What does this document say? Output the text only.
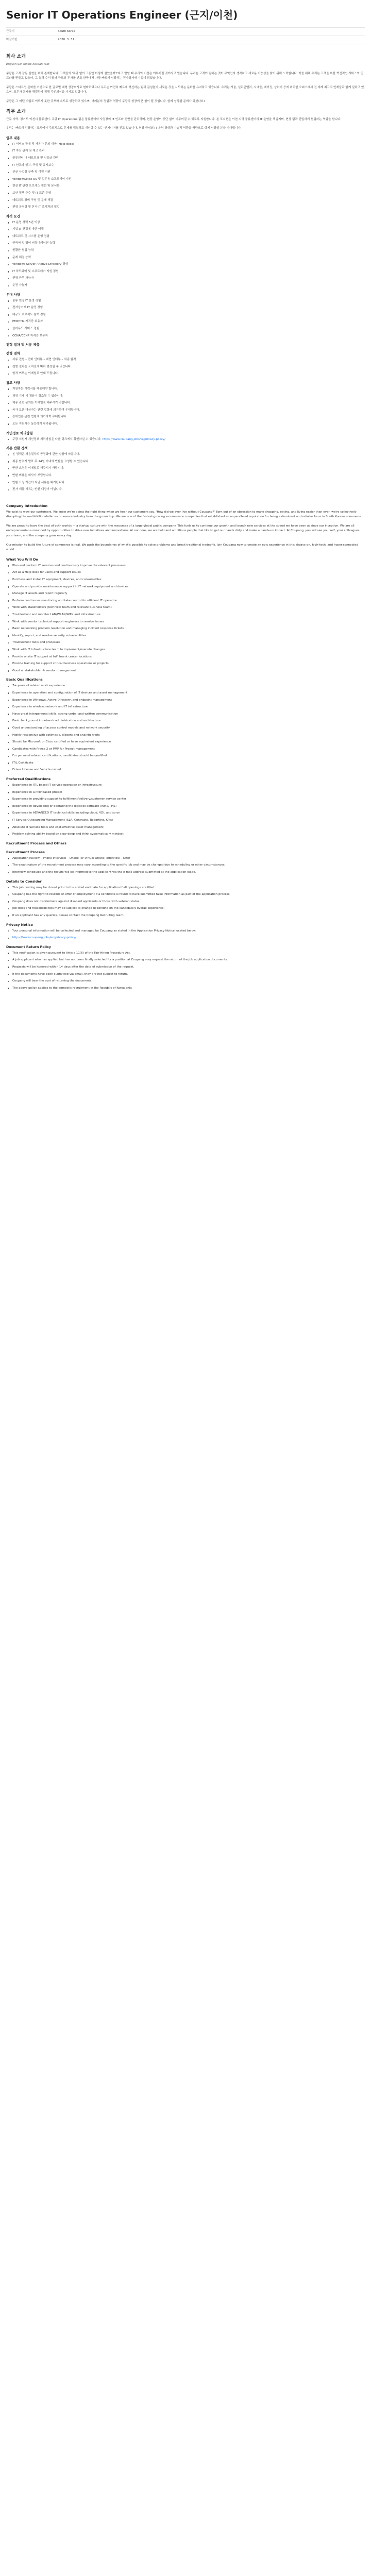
Senior IT Operations Engineer (근지/이천)
근무지	South Korea
마감기한	2020. 3. 31
회사 소개
English will follow Korean text

쿠팡은 고객 감동 실현을 위해 존재합니다. 고객들이 '쿠팡 없이 그동안 어떻게 살았을까?'라고 말할 때 우리의 미션은 이루어질 것이라고 믿습니다. 우리는 고객이 원하는 것이 무엇인지 생각하고 새로운 가능성을 찾기 위해 노력합니다. 이를 위해 우리는 고객을 위한 혁신적인 서비스와 인프라를 만들고 있으며, 그 결과 수억 달러 규모의 투자를 받고 한국에서 가장 빠르게 성장하는 전자상거래 기업이 되었습니다.

쿠팡은 스타트업 문화를 기반으로 한 글로벌 대형 상장회사로 변화하였으나 우리는 여전히 빠르게 혁신하는 팀과 끊임없이 새로운 것을 시도하는 문화를 유지하고 있습니다. 우리는 서울, 실리콘밸리, 시애틀, 베이징, 상하이 등에 위치한 오피스에서 전 세계 최고의 인재들과 함께 일하고 있으며, 모두가 문제를 해결하기 위해 주인의식을 가지고 일합니다.

쿠팡은 그 어떤 기업도 이루지 못한 규모와 속도로 성장하고 있으며, 여러분의 경험과 역량이 쿠팡의 성장에 큰 힘이 될 것입니다. 함께 성장할 준비가 되셨나요?

직무 소개

근무 지역: 경기도 이천시 물류센터. 쿠팡 IT Operations 팀은 물류센터와 사업장의 IT 인프라 전반을 관리하며, 현장 운영이 중단 없이 이루어질 수 있도록 지원합니다. 본 포지션은 이천 지역 물류센터의 IT 운영을 책임지며, 현장 팀과 긴밀하게 협업하는 역할을 합니다.

우리는 빠르게 성장하는 조직에서 주도적으로 문제를 해결하고 개선할 수 있는 엔지니어를 찾고 있습니다. 현장 중심의 IT 운영 경험과 기술적 역량을 바탕으로 함께 성장할 분을 기다립니다.

업무 내용
IT 서비스 장애 및 사용자 문의 대응 (Help desk)
IT 자산 관리 및 재고 관리
물류센터 내 네트워크 및 인프라 관리
IT 인프라 설치, 구성 및 유지보수
신규 사업장 구축 및 이전 지원
Windows/Mac OS 및 업무용 소프트웨어 지원
현장 IT 관련 프로세스 개선 및 문서화
보안 정책 준수 및 IT 표준 운영
네트워크 장비 구성 및 문제 해결
현장 운영팀 및 본사 IT 조직과의 협업
자격 요건
IT 운영 경력 5년 이상
기업 IT 환경에 대한 이해
네트워크 및 시스템 운영 경험
한국어 및 영어 커뮤니케이션 능력
원활한 협업 능력
문제 해결 능력
Windows Server / Active Directory 경험
IT 하드웨어 및 소프트웨어 지원 경험
현장 근무 가능자
운전 가능자
우대 사항
물류 현장 IT 운영 경험
전자상거래 IT 운영 경험
대규모 프로젝트 참여 경험
PMP/ITIL 자격증 보유자
클라우드 서비스 경험
CCNA/CCNP 자격증 보유자
전형 절차 및 서류 제출
전형 절차
서류 전형 – 전화 인터뷰 – 대면 인터뷰 – 최종 합격
전형 절차는 포지션에 따라 변경될 수 있습니다.
합격 여부는 이메일로 안내 드립니다.
참고 사항
지원자는 이력서를 제출해야 합니다.
허위 기재 시 채용이 취소될 수 있습니다.
채용 관련 문의는 이메일로 해주시기 바랍니다.
국가 보훈 대상자는 관련 법령에 의거하여 우대합니다.
장애인은 관련 법령에 의거하여 우대합니다.
모든 지원자는 동등하게 평가됩니다.
개인정보 처리방침
쿠팡 지원자 개인정보 처리방침은 다음 링크에서 확인하실 수 있습니다. https://www.coupang.jobs/kr/privacy-policy/
서류 반환 정책
본 정책은 채용절차의 공정화에 관한 법률에 따릅니다.
최종 합격자 발표 후 14일 이내에 반환을 요청할 수 있습니다.
반환 요청은 이메일로 해주시기 바랍니다.
반환 비용은 회사가 부담합니다.
반환 요청 기간이 지난 서류는 파기됩니다.
전자 제출 서류는 반환 대상이 아닙니다.
Company Introduction

We exist to wow our customers. We know we're doing the right thing when we hear our customers say, 'How did we ever live without Coupang?' Born out of an obsession to make shopping, eating, and living easier than ever, we're collectively disrupting the multi-billion-dollar e-commerce industry from the ground up. We are one of the fastest-growing e-commerce companies that established an unparalleled reputation for being a dominant and reliable force in South Korean commerce.

We are proud to have the best of both worlds — a startup culture with the resources of a large global public company. This fuels us to continue our growth and launch new services at the speed we have been at since our inception. We are all entrepreneurial surrounded by opportunities to drive new initiatives and innovations. At our core, we are bold and ambitious people that like to get our hands dirty and make a hands-on impact. At Coupang, you will see yourself, your colleagues, your team, and the company grow every day.

Our mission to build the future of commerce is real. We push the boundaries of what's possible to solve problems and break traditional tradeoffs. Join Coupang now to create an epic experience in this always-on, high-tech, and hyper-connected world.

What You Will Do
Plan and perform IT services and continuously improve the relevant processes
Act as a Help desk for users and support issues
Purchase and install IT equipment, devices, and consumables
Operate and provide maintenance support in IT network equipment and devices
Manage IT assets and report regularly
Perform continuous monitoring and take control for efficient IT operation
Work with stakeholders (technical team and relevant business team)
Troubleshoot and monitor LAN/WLAN/WAN and infrastructure
Work with vendor technical support engineers to resolve issues
Basic networking problem resolution and managing incident response tickets
Identify, report, and resolve security vulnerabilities
Troubleshoot tools and processes
Work with IT infrastructure team to implement/execute changes
Provide onsite IT support at fulfillment center locations
Provide training for support critical business operations or projects
Good at stakeholder & vendor management
Basic Qualifications
7+ years of related work experience
Experience in operation and configuration of IT devices and asset management
Experience in Windows, Active Directory, and endpoint management
Experience in wireless network and IT infrastructure
Have great interpersonal skills, strong verbal and written communication
Basic background in network administration and architecture
Good understanding of access control models and network security
Highly responsive with optimistic, diligent and analytic traits
Should be Microsoft or Cisco certified or have equivalent experience
Candidates with Prince 2 or PMP for Project management
For personal related certifications, candidates should be qualified
ITIL Certificate
Driver License and Vehicle owned
Preferred Qualifications
Experience in ITIL based IT service operation or Infrastructure
Experience in a PMP based project
Experience in providing support to fulfillment/delivery/customer service center
Experience in developing or operating the logistics software (WMS/TMS)
Experience in ADVANCED IT technical skills including cloud, VDI, and so on
IT Service Outsourcing Management (SLA, Contracts, Reporting, KPIs)
Absolute IT Service tools and cost-effective asset management
Problem solving ability based on slow-deep and think systematically mindset
Recruitment Process and Others
Recruitment Process
Application Review – Phone interview – Onsite (or Virtual Onsite) Interview – Offer
The exact nature of the recruitment process may vary according to the specific job and may be changed due to scheduling or other circumstances.
Interview schedules and the results will be informed to the applicant via the e-mail address submitted at the application stage.
Details to Consider
This job posting may be closed prior to the stated end date for application if all openings are filled.
Coupang has the right to rescind an offer of employment if a candidate is found to have submitted false information as part of the application process.
Coupang does not discriminate against disabled applicants or those with veteran status.
Job titles and responsibilities may be subject to change depending on the candidate's overall experience.
If an applicant has any queries, please contact the Coupang Recruiting team.
Privacy Notice
Your personal information will be collected and managed by Coupang as stated in the Application Privacy Notice located below.
https://www.coupang.jobs/en/privacy-policy/
Document Return Policy
This notification is given pursuant to Article 11(6) of the Fair Hiring Procedure Act.
A job applicant who has applied but has not been finally selected for a position at Coupang may request the return of the job application documents.
Requests will be honored within 14 days after the date of submission of the request.
If the documents have been submitted via email, they are not subject to return.
Coupang will bear the cost of returning the documents.
The above policy applies to the domestic recruitment in the Republic of Korea only.
